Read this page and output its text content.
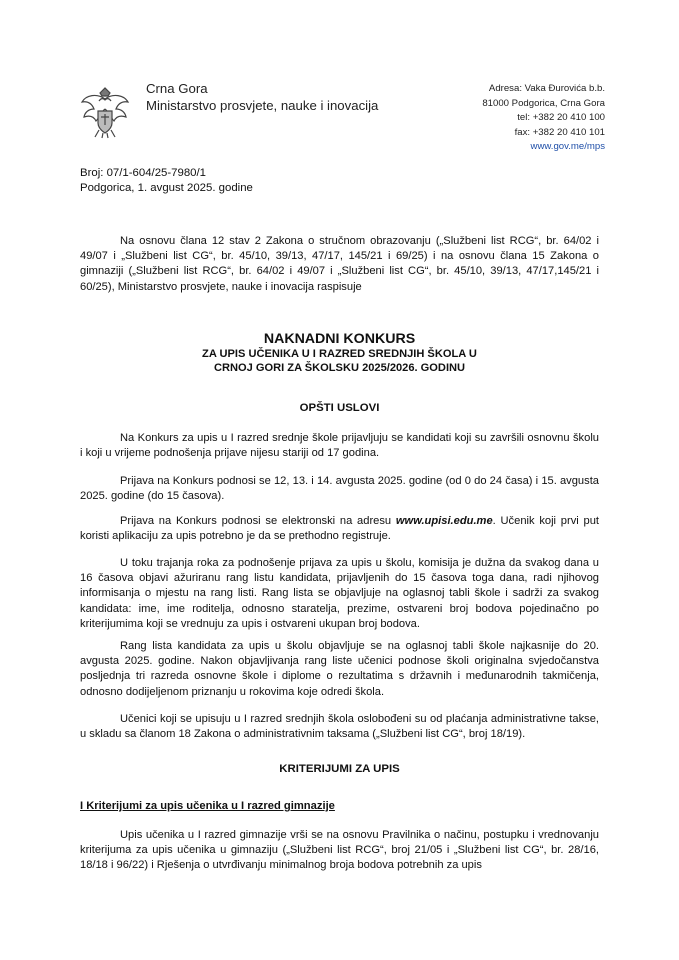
Crna Gora
Ministarstvo prosvjete, nauke i inovacija
Adresa: Vaka Đurovića b.b.
81000 Podgorica, Crna Gora
tel: +382 20 410 100
fax: +382 20 410 101
www.gov.me/mps
Broj: 07/1-604/25-7980/1
Podgorica, 1. avgust 2025. godine

Na osnovu člana 12 stav 2 Zakona o stručnom obrazovanju („Službeni list RCG“, br. 64/02 i 49/07 i „Službeni list CG“, br. 45/10, 39/13, 47/17, 145/21 i 69/25) i na osnovu člana 15 Zakona o gimnaziji („Službeni list RCG“, br. 64/02 i 49/07 i „Službeni list CG“, br. 45/10, 39/13, 47/17,145/21 i 60/25), Ministarstvo prosvjete, nauke i inovacija raspisuje

NAKNADNI KONKURS
ZA UPIS UČENIKA U I RAZRED SREDNJIH ŠKOLA U
CRNOJ GORI ZA ŠKOLSKU 2025/2026. GODINU
OPŠTI USLOVI

Na Konkurs za upis u I razred srednje škole prijavljuju se kandidati koji su završili osnovnu školu i koji u vrijeme podnošenja prijave nijesu stariji od 17 godina.

Prijava na Konkurs podnosi se 12, 13. i 14. avgusta 2025. godine (od 0 do 24 časa) i 15. avgusta 2025. godine (do 15 časova).

Prijava na Konkurs podnosi se elektronski na adresu www.upisi.edu.me. Učenik koji prvi put koristi aplikaciju za upis potrebno je da se prethodno registruje.

U toku trajanja roka za podnošenje prijava za upis u školu, komisija je dužna da svakog dana u 16 časova objavi ažuriranu rang listu kandidata, prijavljenih do 15 časova toga dana, radi njihovog informisanja o mjestu na rang listi. Rang lista se objavljuje na oglasnoj tabli škole i sadrži za svakog kandidata: ime, ime roditelja, odnosno staratelja, prezime, ostvareni broj bodova pojedinačno po kriterijumima koji se vrednuju za upis i ostvareni ukupan broj bodova.

Rang lista kandidata za upis u školu objavljuje se na oglasnoj tabli škole najkasnije do 20. avgusta 2025. godine. Nakon objavljivanja rang liste učenici podnose školi originalna svjedočanstva posljednja tri razreda osnovne škole i diplome o rezultatima s državnih i međunarodnih takmičenja, odnosno dodijeljenom priznanju u rokovima koje odredi škola.

Učenici koji se upisuju u I razred srednjih škola oslobođeni su od plaćanja administrativne takse, u skladu sa članom 18 Zakona o administrativnim taksama („Službeni list CG“, broj 18/19).

KRITERIJUMI ZA UPIS
I Kriterijumi za upis učenika u I razred gimnazije

Upis učenika u I razred gimnazije vrši se na osnovu Pravilnika o načinu, postupku i vrednovanju kriterijuma za upis učenika u gimnaziju („Službeni list RCG“, broj 21/05 i „Službeni list CG“, br. 28/16, 18/18 i 96/22) i Rješenja o utvrđivanju minimalnog broja bodova potrebnih za upis
